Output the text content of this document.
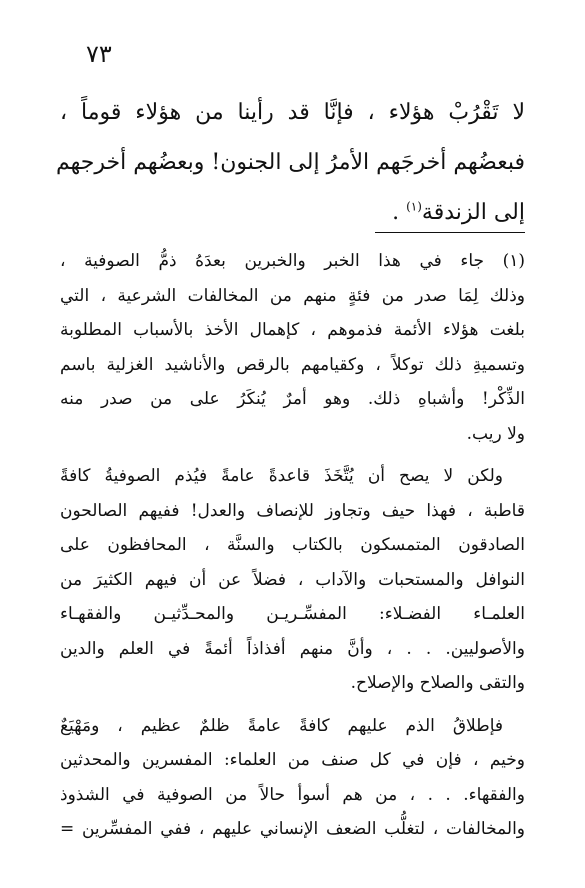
٧٣
لا تَقْرُبْ هؤلاء ، فإنَّا قد رأينا من هؤلاء قوماً ،
فبعضُهم أخرجَهم الأمرُ إلى الجنون! وبعضُهم أخرجهم
إلى الزندقة$^{(١)}$ .
(١) جاء في هذا الخبر والخبرين بعدَهُ ذمُّ الصوفية ،
وذلك لِمَا صدر من فئةٍ منهم من المخالفات الشرعية ، التي
بلغت هؤلاء الأئمة فذموهم ، كإهمال الأخذ بالأسباب المطلوبة
وتسميةِ ذلك توكلاً ، وكقيامهم بالرقص والأناشيد الغزلية باسم
الذِّكْر! وأشباهِ ذلك. وهو أمرٌ يُنكَرُ على من صدر منه
ولا ريب.
ولكن لا يصح أن يُتَّخَذَ قاعدةً عامةً فيُذم الصوفيةُ كافةً
قاطبة ، فهذا حيف وتجاوز للإنصاف والعدل! ففيهم الصالحون
الصادقون المتمسكون بالكتاب والسنَّة ، المحافظون على
النوافل والمستحبات والآداب ، فضلاً عن أن فيهم الكثيرَ من
العلمـاء الفضـلاء: المفسِّـريـن والمحـدِّثيـن والفقهـاء
والأصوليين. . . ، وأنَّ منهم أفذاذاً أئمةً في العلم والدين
والتقى والصلاح والإصلاح.
فإطلاقُ الذم عليهم كافةً عامةً ظلمٌ عظيم ، ومَهْيَعٌ
وخيم ، فإن في كل صنف من العلماء: المفسرين والمحدثين
والفقهاء. . . ، من هم أسوأ حالاً من الصوفية في الشذوذ
والمخالفات ، لتغلُّب الضعف الإنساني عليهم ، ففي المفسِّرين =
